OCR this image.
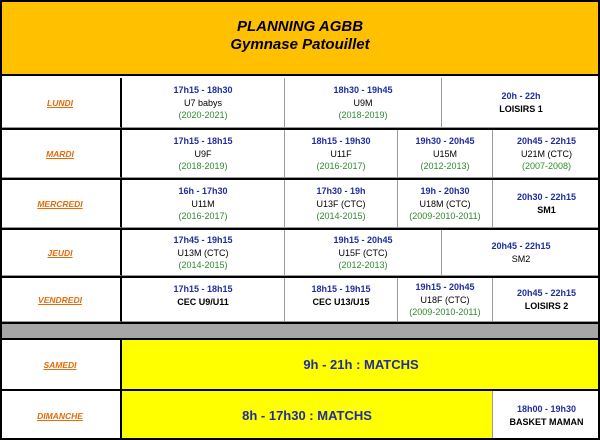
PLANNING AGBB
Gymnase Patouillet
LUNDI
17h15 - 18h30
U7 babys
(2020-2021)
18h30 - 19h45
U9M
(2018-2019)
20h - 22h
LOISIRS 1
MARDI
17h15 - 18h15
U9F
(2018-2019)
18h15 - 19h30
U11F
(2016-2017)
19h30 - 20h45
U15M
(2012-2013)
20h45 - 22h15
U21M (CTC)
(2007-2008)
MERCREDI
16h - 17h30
U11M
(2016-2017)
17h30 - 19h
U13F (CTC)
(2014-2015)
19h - 20h30
U18M (CTC)
(2009-2010-2011)
20h30 - 22h15
SM1
JEUDI
17h45 - 19h15
U13M (CTC)
(2014-2015)
19h15 - 20h45
U15F (CTC)
(2012-2013)
20h45 - 22h15
SM2
VENDREDI
17h15 - 18h15
CEC U9/U11
18h15 - 19h15
CEC U13/U15
19h15 - 20h45
U18F (CTC)
(2009-2010-2011)
20h45 - 22h15
LOISIRS 2
SAMEDI	9h - 21h : MATCHS
DIMANCHE	8h - 17h30 : MATCHS	18h00 - 19h30
BASKET MAMAN
